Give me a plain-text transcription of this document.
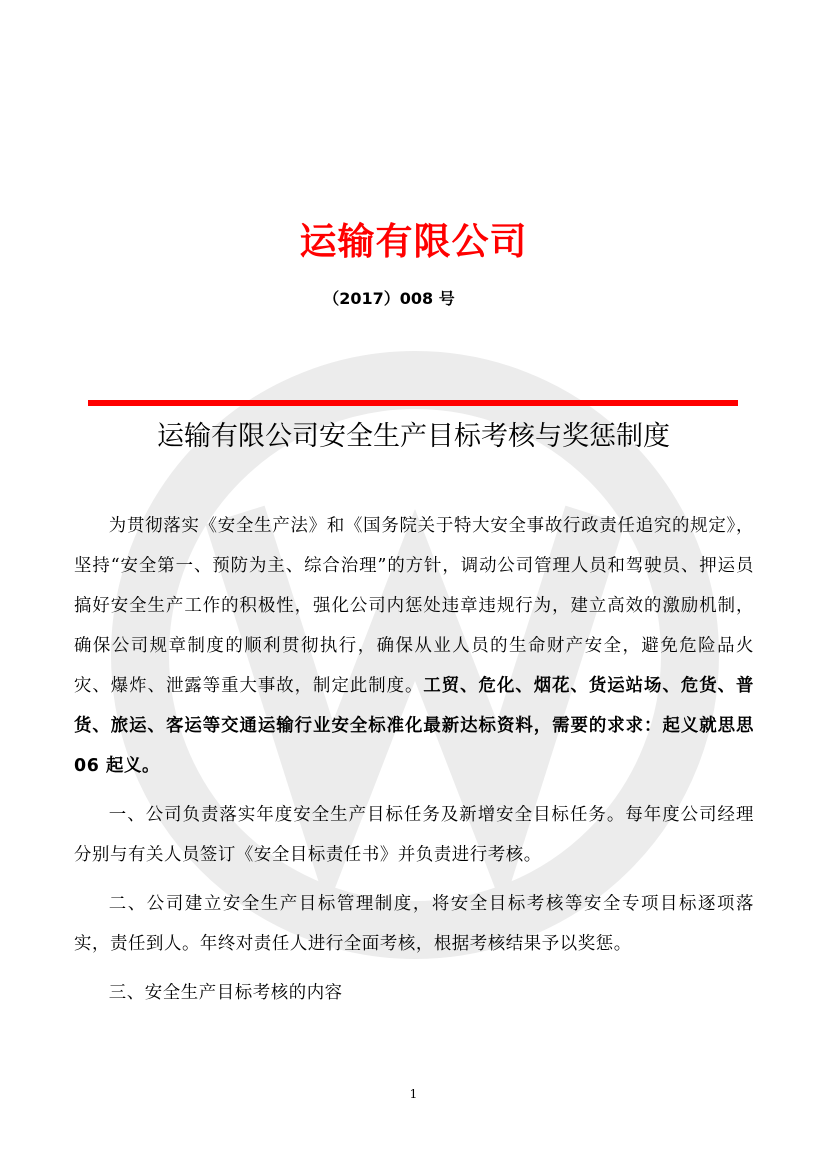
运输有限公司
（2017）008 号
运输有限公司安全生产目标考核与奖惩制度

为贯彻落实《安全生产法》和《国务院关于特大安全事故行政责任追究的规定》，坚持“安全第一、预防为主、综合治理”的方针，调动公司管理人员和驾驶员、押运员搞好安全生产工作的积极性，强化公司内惩处违章违规行为，建立高效的激励机制，确保公司规章制度的顺利贯彻执行，确保从业人员的生命财产安全，避免危险品火灾、爆炸、泄露等重大事故，制定此制度。工贸、危化、烟花、货运站场、危货、普货、旅运、客运等交通运输行业安全标准化最新达标资料，需要的求求：起义就思思 06 起义。

一、公司负责落实年度安全生产目标任务及新增安全目标任务。每年度公司经理分别与有关人员签订《安全目标责任书》并负责进行考核。

二、公司建立安全生产目标管理制度，将安全目标考核等安全专项目标逐项落实，责任到人。年终对责任人进行全面考核，根据考核结果予以奖惩。

三、安全生产目标考核的内容

1
